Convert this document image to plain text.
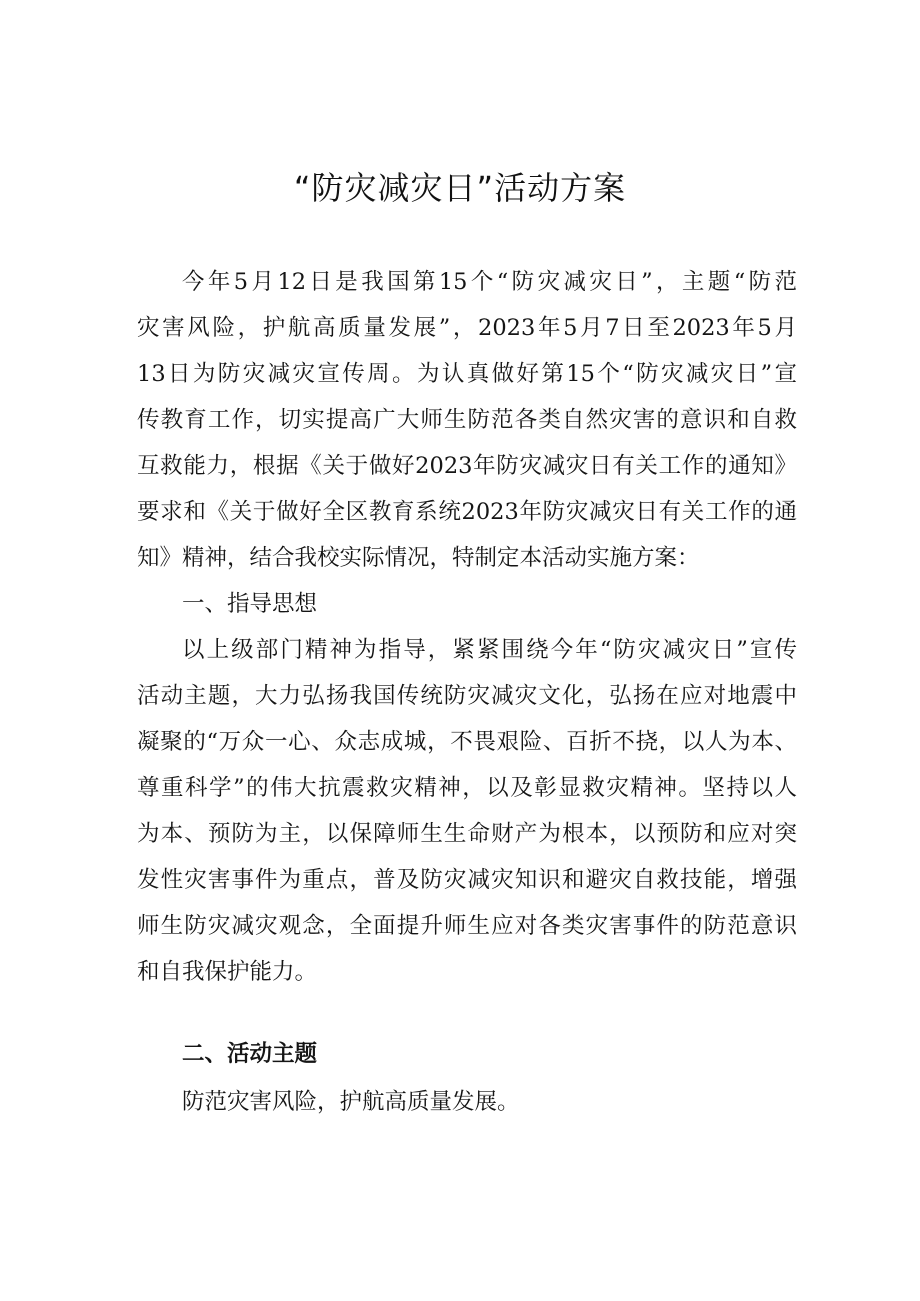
“防灾减灾日”活动方案
今年5月12日是我国第15个“防灾减灾日”，主题“防范
灾害风险，护航高质量发展”，2023年5月7日至2023年5月
13日为防灾减灾宣传周。为认真做好第15个“防灾减灾日”宣
传教育工作，切实提高广大师生防范各类自然灾害的意识和自救
互救能力，根据《关于做好2023年防灾减灾日有关工作的通知》
要求和《关于做好全区教育系统2023年防灾减灾日有关工作的通
知》精神，结合我校实际情况，特制定本活动实施方案：
一、指导思想
以上级部门精神为指导，紧紧围绕今年“防灾减灾日”宣传
活动主题，大力弘扬我国传统防灾减灾文化，弘扬在应对地震中
凝聚的“万众一心、众志成城，不畏艰险、百折不挠，以人为本、
尊重科学”的伟大抗震救灾精神，以及彰显救灾精神。坚持以人
为本、预防为主，以保障师生生命财产为根本，以预防和应对突
发性灾害事件为重点，普及防灾减灾知识和避灾自救技能，增强
师生防灾减灾观念，全面提升师生应对各类灾害事件的防范意识
和自我保护能力。
二、活动主题
防范灾害风险，护航高质量发展。
